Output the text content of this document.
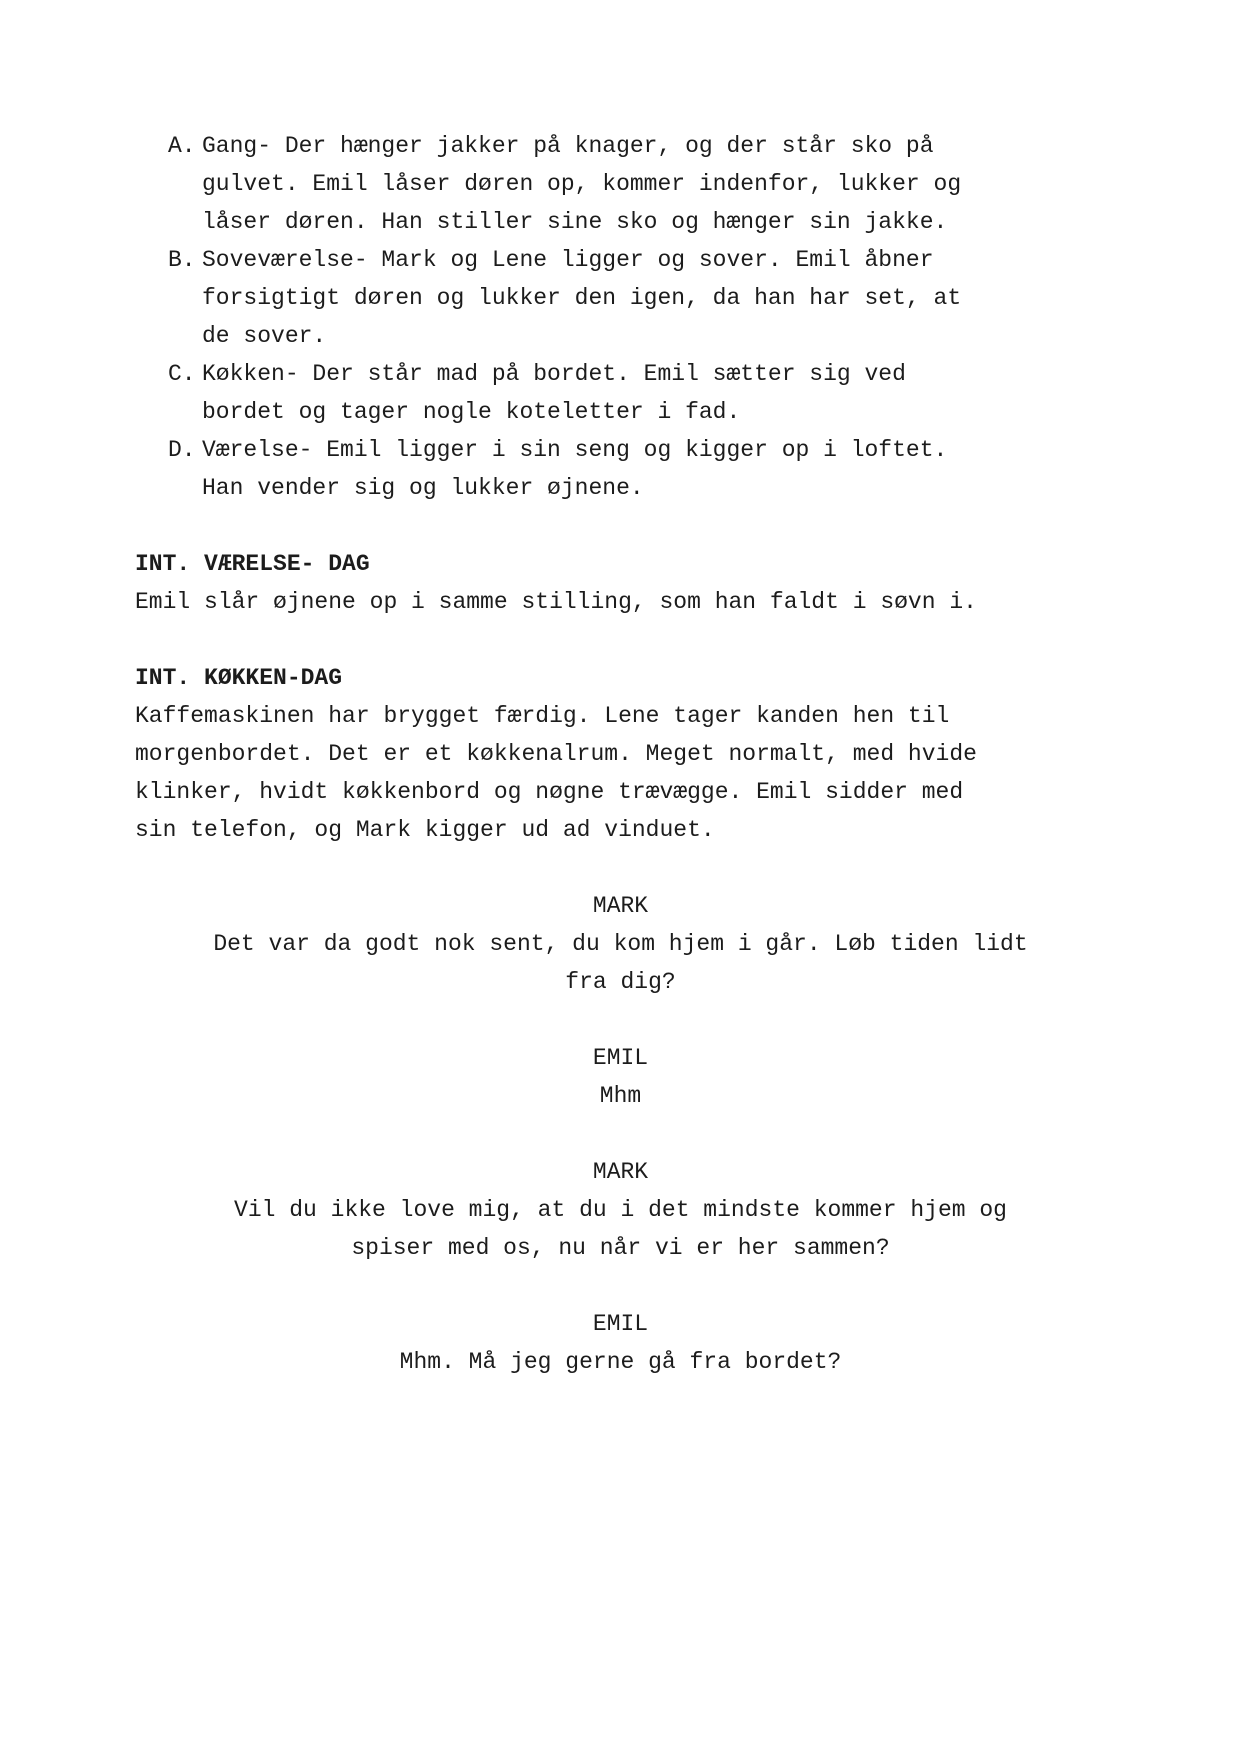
A. Gang- Der hænger jakker på knager, og der står sko på
gulvet. Emil låser døren op, kommer indenfor, lukker og
låser døren. Han stiller sine sko og hænger sin jakke.
B. Soveværelse- Mark og Lene ligger og sover. Emil åbner
forsigtigt døren og lukker den igen, da han har set, at
de sover.
C. Køkken- Der står mad på bordet. Emil sætter sig ved
bordet og tager nogle koteletter i fad.
D. Værelse- Emil ligger i sin seng og kigger op i loftet.
Han vender sig og lukker øjnene.
INT. VÆRELSE- DAG
Emil slår øjnene op i samme stilling, som han faldt i søvn i.
INT. KØKKEN-DAG
Kaffemaskinen har brygget færdig. Lene tager kanden hen til
morgenbordet. Det er et køkkenalrum. Meget normalt, med hvide
klinker, hvidt køkkenbord og nøgne trævægge. Emil sidder med
sin telefon, og Mark kigger ud ad vinduet.
MARK
Det var da godt nok sent, du kom hjem i går. Løb tiden lidt
fra dig?
EMIL
Mhm
MARK
Vil du ikke love mig, at du i det mindste kommer hjem og
spiser med os, nu når vi er her sammen?
EMIL
Mhm. Må jeg gerne gå fra bordet?
